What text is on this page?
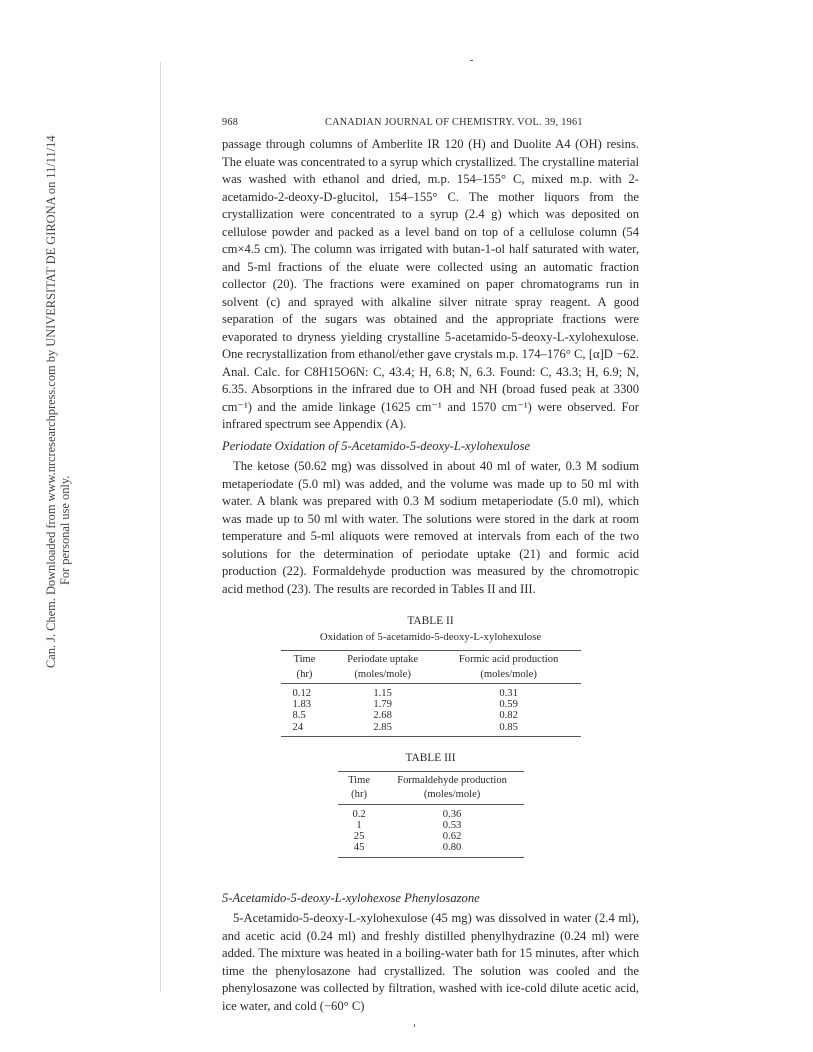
Can. J. Chem. Downloaded from www.nrcresearchpress.com by UNIVERSITAT DE GIRONA on 11/11/14 For personal use only.
968	CANADIAN JOURNAL OF CHEMISTRY. VOL. 39, 1961

passage through columns of Amberlite IR 120 (H) and Duolite A4 (OH) resins. The eluate was concentrated to a syrup which crystallized. The crystalline material was washed with ethanol and dried, m.p. 154–155° C, mixed m.p. with 2-acetamido-2-deoxy-D-glucitol, 154–155° C. The mother liquors from the crystallization were concentrated to a syrup (2.4 g) which was deposited on cellulose powder and packed as a level band on top of a cellulose column (54 cm×4.5 cm). The column was irrigated with butan-1-ol half saturated with water, and 5-ml fractions of the eluate were collected using an automatic fraction collector (20). The fractions were examined on paper chromatograms run in solvent (c) and sprayed with alkaline silver nitrate spray reagent. A good separation of the sugars was obtained and the appropriate fractions were evaporated to dryness yielding crystalline 5-acetamido-5-deoxy-L-xylohexulose. One recrystallization from ethanol/ether gave crystals m.p. 174–176° C, [α]D −62. Anal. Calc. for C8H15O6N: C, 43.4; H, 6.8; N, 6.3. Found: C, 43.3; H, 6.9; N, 6.35. Absorptions in the infrared due to OH and NH (broad fused peak at 3300 cm⁻¹) and the amide linkage (1625 cm⁻¹ and 1570 cm⁻¹) were observed. For infrared spectrum see Appendix (A).

Periodate Oxidation of 5-Acetamido-5-deoxy-L-xylohexulose

The ketose (50.62 mg) was dissolved in about 40 ml of water, 0.3 M sodium metaperiodate (5.0 ml) was added, and the volume was made up to 50 ml with water. A blank was prepared with 0.3 M sodium metaperiodate (5.0 ml), which was made up to 50 ml with water. The solutions were stored in the dark at room temperature and 5-ml aliquots were removed at intervals from each of the two solutions for the determination of periodate uptake (21) and formic acid production (22). Formaldehyde production was measured by the chromotropic acid method (23). The results are recorded in Tables II and III.

TABLE II
Oxidation of 5-acetamido-5-deoxy-L-xylohexulose
Time	Periodate uptake	Formic acid production
(hr)	(moles/mole)	(moles/mole)
0.12	1.15	0.31
1.83	1.79	0.59
8.5	2.68	0.82
24	2.85	0.85
TABLE III
Time	Formaldehyde production
(hr)	(moles/mole)
0.2	0.36
1	0.53
25	0.62
45	0.80
5-Acetamido-5-deoxy-L-xylohexose Phenylosazone

5-Acetamido-5-deoxy-L-xylohexulose (45 mg) was dissolved in water (2.4 ml), and acetic acid (0.24 ml) and freshly distilled phenylhydrazine (0.24 ml) were added. The mixture was heated in a boiling-water bath for 15 minutes, after which time the phenylosazone had crystallized. The solution was cooled and the phenylosazone was collected by filtration, washed with ice-cold dilute acetic acid, ice water, and cold (−60° C)
